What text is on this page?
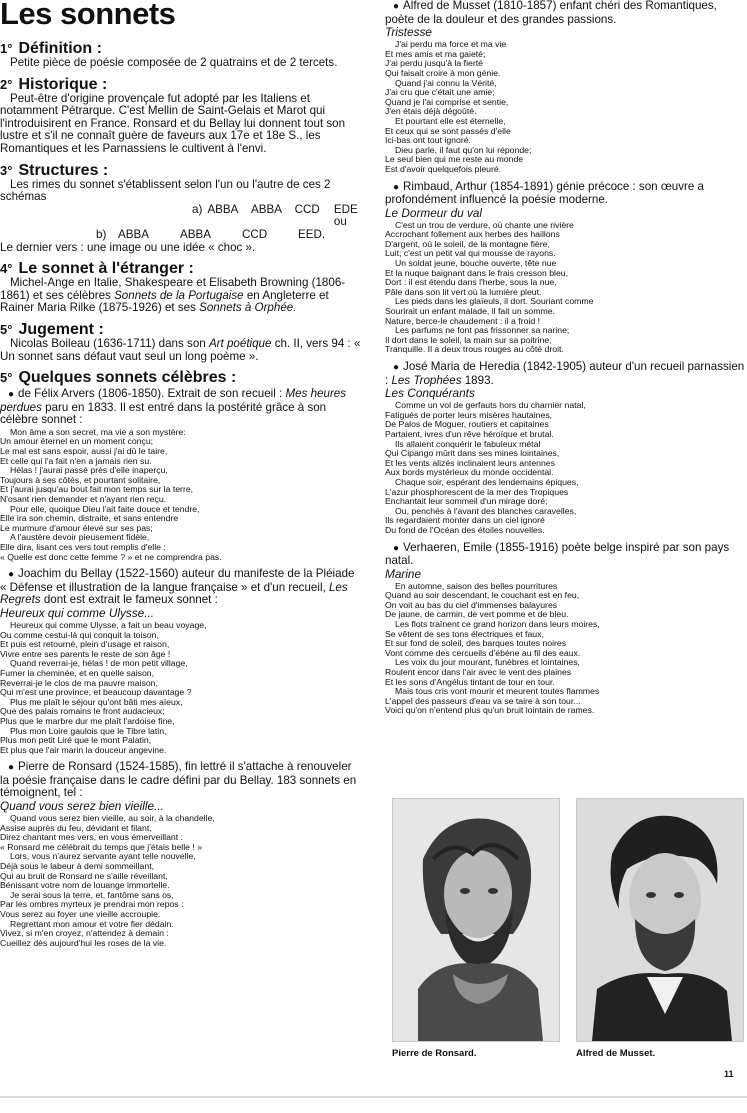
Les sonnets
1° Définition :

Petite pièce de poésie composée de 2 quatrains et de 2 tercets.

2° Historique :

Peut-être d'origine provençale fut adopté par les Italiens et notamment Pétrarque. C'est Mellin de Saint-Gelais et Marot qui l'introduisirent en France. Ronsard et du Bellay lui donnent tout son lustre et s'il ne connaît guère de faveurs aux 17e et 18e S., les Romantiques et les Parnassiens le cultivent à l'envi.

3° Structures :

Les rimes du sonnet s'établissent selon l'un ou l'autre de ces 2 schémas

a) ABBA	ABBA	CCD	EDE ou
b)	ABBA	ABBA	CCD	EED.

Le dernier vers : une image ou une idée « choc ».

4° Le sonnet à l'étranger :

Michel-Ange en Italie, Shakespeare et Elisabeth Browning (1806-1861) et ses célèbres Sonnets de la Portugaise en Angleterre et Rainer Maria Rilke (1875-1926) et ses Sonnets à Orphée.

5° Jugement :

Nicolas Boileau (1636-1711) dans son Art poétique ch. II, vers 94 : « Un sonnet sans défaut vaut seul un long poème ».

5° Quelques sonnets célèbres :

● de Félix Arvers (1806-1850). Extrait de son recueil : Mes heures perdues paru en 1833. Il est entré dans la postérité grâce à son célèbre sonnet :

Mon âme a son secret, ma vie a son mystère:
Un amour éternel en un moment conçu;
Le mal est sans espoir, aussi j'ai dû le taire,
Et celle qui l'a fait n'en a jamais rien su.
Hélas ! j'aurai passé près d'elle inaperçu,
Toujours à ses côtés, et pourtant solitaire,
Et j'aurai jusqu'au bout fait mon temps sur la terre,
N'osant rien demander et n'ayant rien reçu.
Pour elle, quoique Dieu l'ait faite douce et tendre,
Elle ira son chemin, distraite, et sans entendre
Le murmure d'amour élevé sur ses pas;
A l'austère devoir pieusement fidèle,
Elle dira, lisant ces vers tout remplis d'elle :
« Quelle est donc cette femme ? » et ne comprendra pas.

● Joachim du Bellay (1522-1560) auteur du manifeste de la Pléiade « Défense et illustration de la langue française » et d'un recueil, Les Regrets dont est extrait le fameux sonnet :

Heureux qui comme Ulysse...

Heureux qui comme Ulysse, a fait un beau voyage,
Ou comme cestui-là qui conquit la toison,
Et puis est retourné, plein d'usage et raison,
Vivre entre ses parents le reste de son âge !
Quand reverrai-je, hélas ! de mon petit village,
Fumer la cheminée, et en quelle saison,
Reverrai-je le clos de ma pauvre maison,
Qui m'est une province, et beaucoup davantage ?
Plus me plaît le séjour qu'ont bâti mes aïeux,
Que des palais romains le front audacieux;
Plus que le marbre dur me plaît l'ardoise fine,
Plus mon Loire gaulois que le Tibre latin,
Plus mon petit Liré que le mont Palatin,
Et plus que l'air marin la douceur angevine.

● Pierre de Ronsard (1524-1585), fin lettré il s'attache à renouveler la poésie française dans le cadre défini par du Bellay. 183 sonnets en témoignent, tel :

Quand vous serez bien vieille...

Quand vous serez bien vieille, au soir, à la chandelle,
Assise auprès du feu, dévidant et filant,
Direz chantant mes vers, en vous émerveillant :
« Ronsard me célébrait du temps que j'étais belle ! »
Lors, vous n'aurez servante ayant telle nouvelle,
Déjà sous le labeur à demi sommeillant,
Qui au bruit de Ronsard ne s'aille réveillant,
Bénissant votre nom de louange immortelle.
Je serai sous la terre, et, fantôme sans os,
Par les ombres myrteux je prendrai mon repos :
Vous serez au foyer une vieille accroupie.
Regrettant mon amour et votre fier dédain.
Vivez, si m'en croyez, n'attendez à demain :
Cueillez dès aujourd'hui les roses de la vie.

● Alfred de Musset (1810-1857) enfant chéri des Romantiques, poète de la douleur et des grandes passions.

Tristesse

J'ai perdu ma force et ma vie
Et mes amis et ma gaieté;
J'ai perdu jusqu'à la fierté
Qui faisait croire à mon génie.
Quand j'ai connu la Vérité,
J'ai cru que c'était une amie;
Quand je l'ai comprise et sentie,
J'en étais déjà dégoûté.
Et pourtant elle est éternelle,
Et ceux qui se sont passés d'elle
Ici-bas ont tout ignoré.
Dieu parle, il faut qu'on lui réponde;
Le seul bien qui me reste au monde
Est d'avoir quelquefois pleuré.

● Rimbaud, Arthur (1854-1891) génie précoce : son œuvre a profondément influencé la poésie moderne.

Le Dormeur du val

C'est un trou de verdure, où chante une rivière
Accrochant follement aux herbes des haillons
D'argent, où le soleil, de la montagne fière,
Luit; c'est un petit val qui mousse de rayons.
Un soldat jeune, bouche ouverte, tête nue
Et la nuque baignant dans le frais cresson bleu,
Dort : il est étendu dans l'herbe, sous la nue,
Pâle dans son lit vert où la lumière pleut.
Les pieds dans les glaïeuls, il dort. Souriant comme
Sourirait un enfant malade, il fait un somme.
Nature, berce-le chaudement : il a froid !
Les parfums ne font pas frissonner sa narine;
Il dort dans le soleil, la main sur sa poitrine,
Tranquille. Il a deux trous rouges au côté droit.

● José Maria de Heredia (1842-1905) auteur d'un recueil parnassien : Les Trophées 1893.

Les Conquérants

Comme un vol de gerfauts hors du charnier natal,
Fatigués de porter leurs misères hautaines,
De Palos de Moguer, routiers et capitaines
Partaient, ivres d'un rêve héroïque et brutal.
Ils allaient conquérir le fabuleux métal
Qui Cipango mûrit dans ses mines lointaines,
Et les vents alizés inclinaient leurs antennes
Aux bords mystérieux du monde occidental.
Chaque soir, espérant des lendemains épiques,
L'azur phosphorescent de la mer des Tropiques
Enchantait leur sommeil d'un mirage doré;
Ou, penchés à l'avant des blanches caravelles,
Ils regardaient monter dans un ciel ignoré
Du fond de l'Océan des étoiles nouvelles.

● Verhaeren, Emile (1855-1916) poète belge inspiré par son pays natal.

Marine

En automne, saison des belles pourritures
Quand au soir descendant, le couchant est en feu,
On voit au bas du ciel d'immenses balayures
De jaune, de carmin, de vert pomme et de bleu.
Les flots traînent ce grand horizon dans leurs moires,
Se vêtent de ses tons électriques et faux,
Et sur fond de soleil, des barques toutes noires
Vont comme des cercueils d'ébène au fil des eaux.
Les voix du jour mourant, funèbres et lointaines,
Roulent encor dans l'air avec le vent des plaines
Et les sons d'Angélus tintant de tour en tour.
Mais tous cris vont mourir et meurent toutes flammes
L'appel des passeurs d'eau va se taire à son tour...
Voici qu'on n'entend plus qu'un bruit lointain de rames.
Pierre de Ronsard.	Alfred de Musset.
11
